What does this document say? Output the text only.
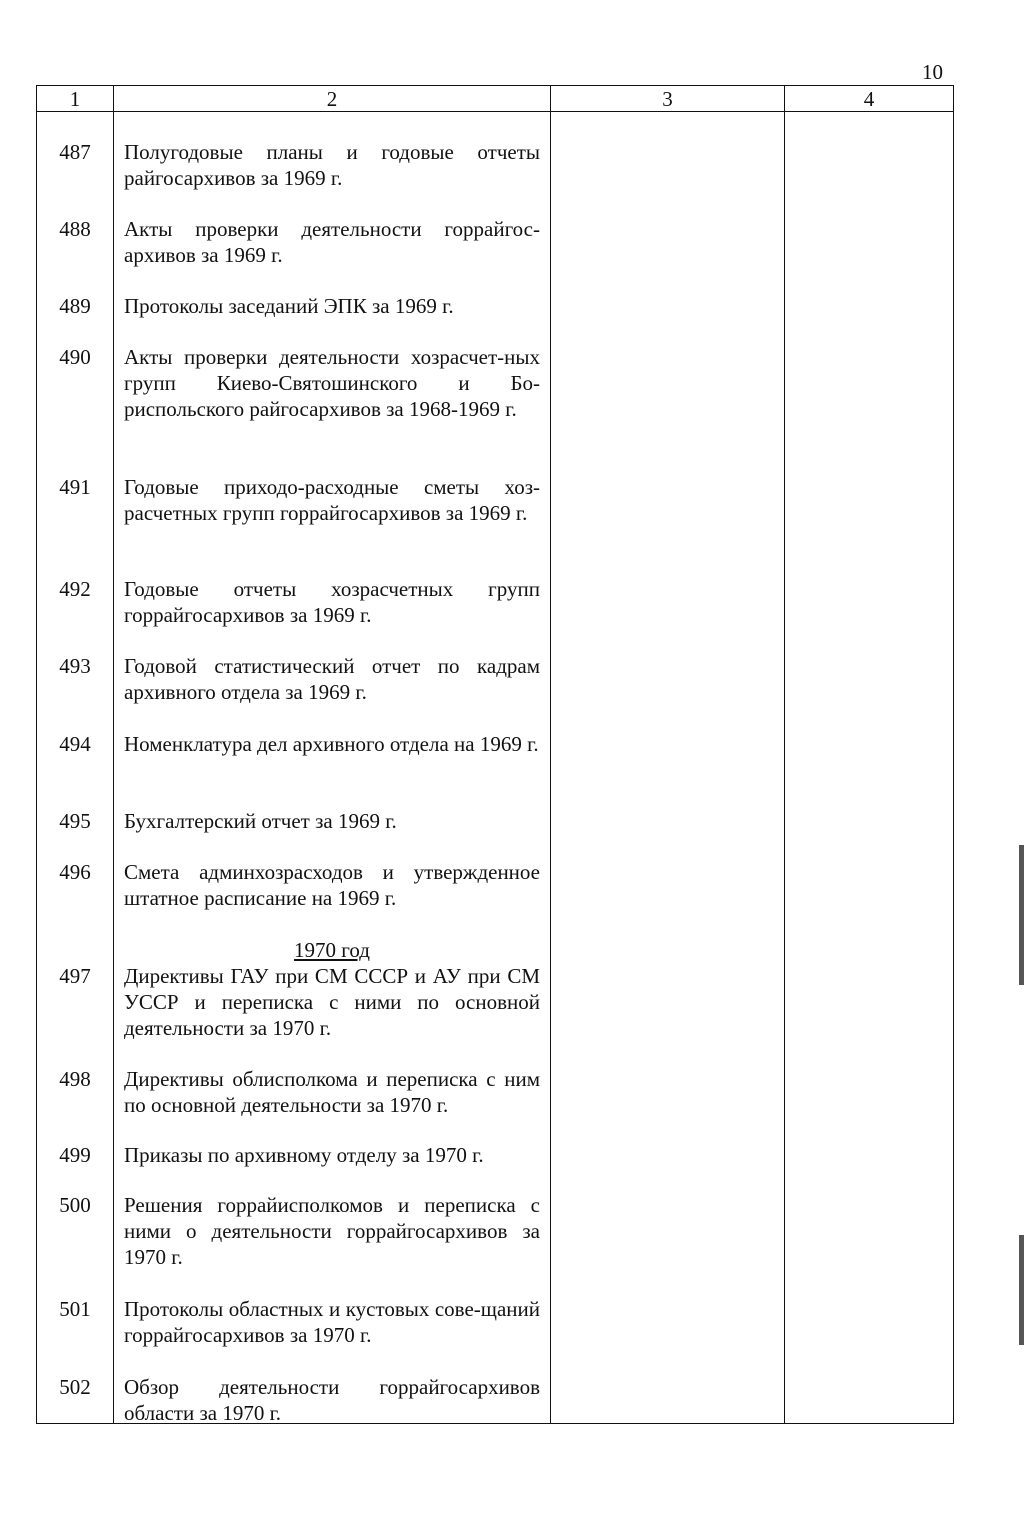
10
1	2	3	4
487	Полугодовые планы и годовые отчеты райгосархивов за 1969 г.
488	Акты проверки деятельности горрайгос-архивов за 1969 г.
489	Протоколы заседаний ЭПК за 1969 г.
490	Акты проверки деятельности хозрасчет-ных групп Киево-Святошинского и Бо-риспольского райгосархивов за 1968-1969 г.
491	Годовые приходо-расходные сметы хоз-расчетных групп горрайгосархивов за 1969 г.
492	Годовые отчеты хозрасчетных групп горрайгосархивов за 1969 г.
493	Годовой статистический отчет по кадрам архивного отдела за 1969 г.
494	Номенклатура дел архивного отдела на 1969 г.
495	Бухгалтерский отчет за 1969 г.
496	Смета админхозрасходов и утвержденное штатное расписание на 1969 г.
1970 год
497	Директивы ГАУ при СМ СССР и АУ при СМ УССР и переписка с ними по основной деятельности за 1970 г.
498	Директивы облисполкома и переписка с ним по основной деятельности за 1970 г.
499	Приказы по архивному отделу за 1970 г.
500	Решения горрайисполкомов и переписка с ними о деятельности горрайгосархивов за 1970 г.
501	Протоколы областных и кустовых сове-щаний горрайгосархивов за 1970 г.
502	Обзор деятельности горрайгосархивов области за 1970 г.
